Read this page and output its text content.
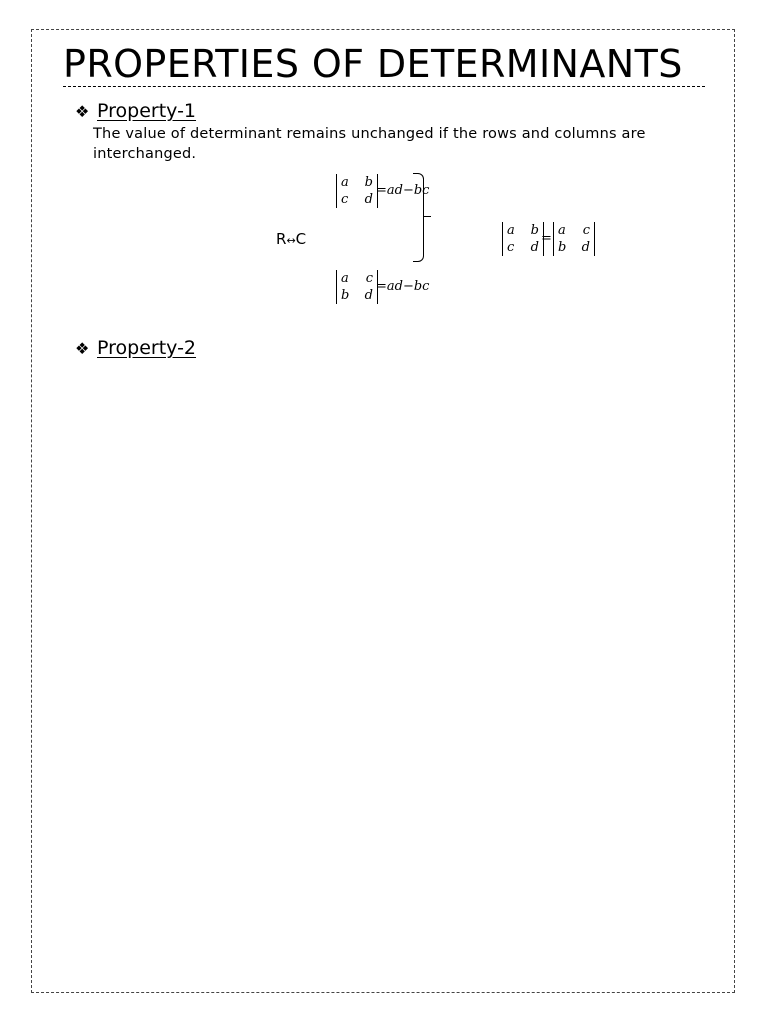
PROPERTIES OF DETERMINANTS
❖ Property-1
The value of determinant remains unchanged if the rows and columns are interchanged.
a	b
c	d
=ad−bc
R↔C
a	c
b	d
=ad−bc
a	b
c	d
=
a	c
b	d
❖ Property-2
